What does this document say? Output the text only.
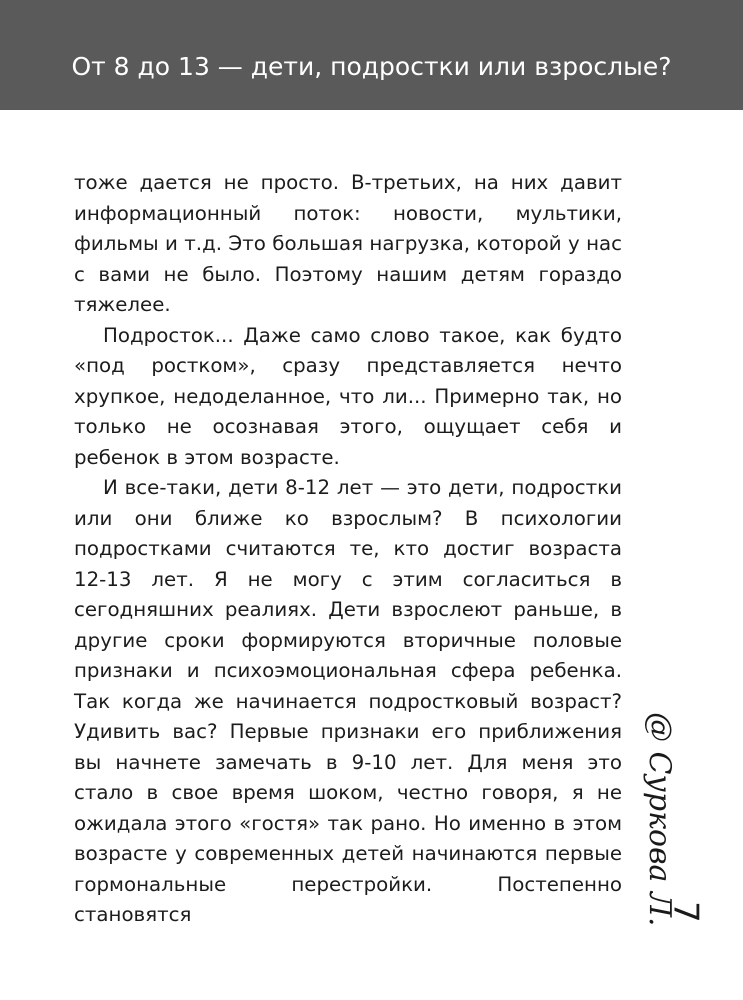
От 8 до 13 — дети, подростки или взрослые?

тоже дается не просто. В-третьих, на них давит информационный поток: новости, мультики, фильмы и т.д. Это большая нагрузка, которой у нас с вами не было. Поэтому нашим детям гораздо тяжелее.

Подросток... Даже само слово такое, как будто «под ростком», сразу представляется нечто хрупкое, недоделанное, что ли... Примерно так, но только не осознавая этого, ощущает себя и ребенок в этом возрасте.

И все-таки, дети 8-12 лет — это дети, подростки или они ближе ко взрослым? В психологии подростками считаются те, кто достиг возраста 12-13 лет. Я не могу с этим согласиться в сегодняшних реалиях. Дети взрослеют раньше, в другие сроки формируются вторичные половые признаки и психоэмоциональная сфера ребенка. Так когда же начинается подростковый возраст? Удивить вас? Первые признаки его приближения вы начнете замечать в 9-10 лет. Для меня это стало в свое время шоком, честно говоря, я не ожидала этого «гостя» так рано. Но именно в этом возрасте у современных детей начинаются первые гормональные перестройки. Постепенно становятся	@ Суркова Л.
7
